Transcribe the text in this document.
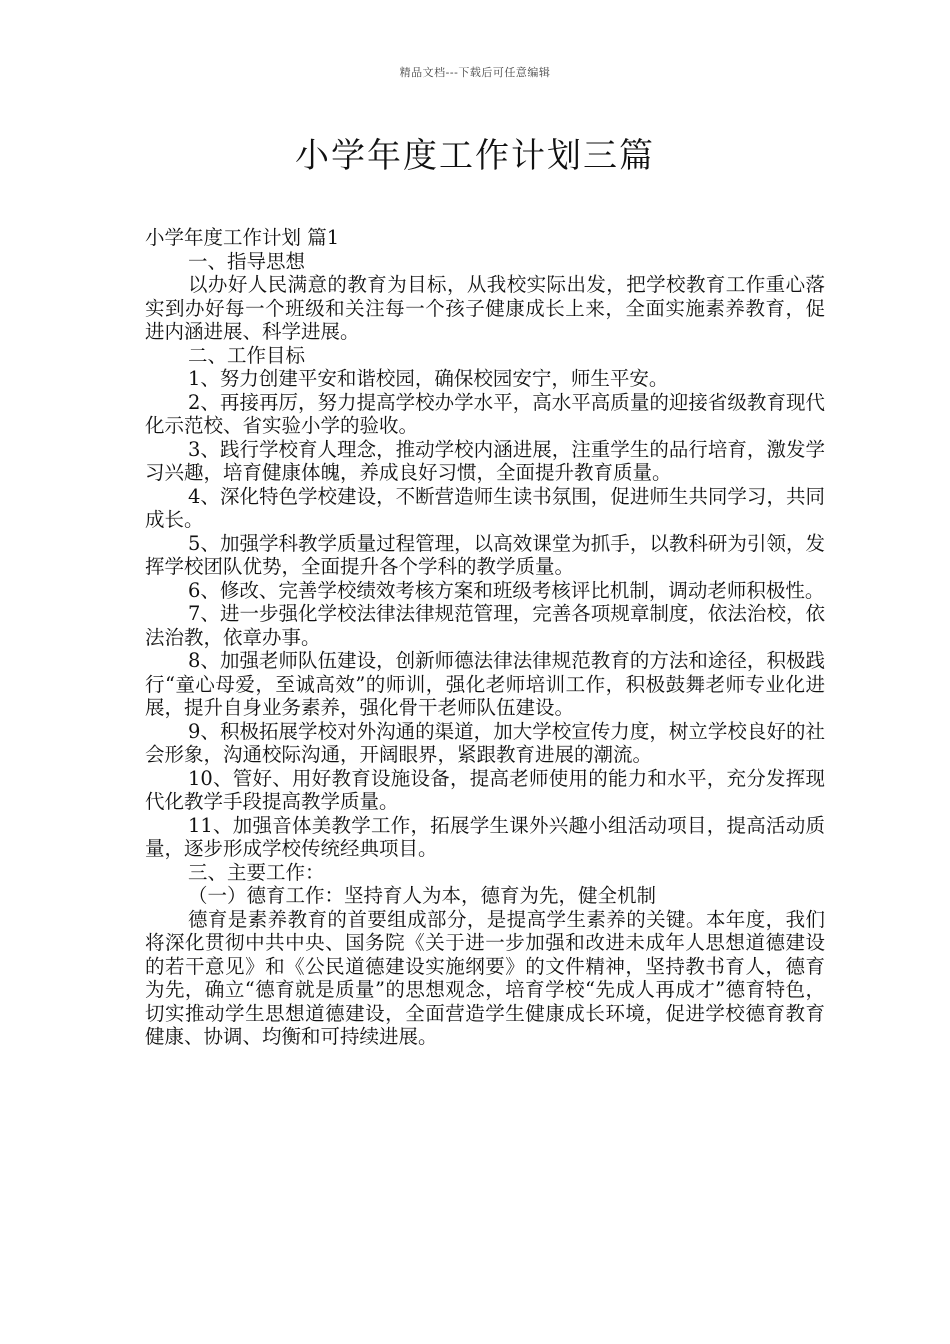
精品文档---下载后可任意编辑
小学年度工作计划三篇

小学年度工作计划 篇1

一、指导思想

以办好人民满意的教育为目标，从我校实际出发，把学校教育工作重心落实到办好每一个班级和关注每一个孩子健康成长上来，全面实施素养教育，促进内涵进展、科学进展。

二、工作目标

1、努力创建平安和谐校园，确保校园安宁，师生平安。

2、再接再厉，努力提高学校办学水平，高水平高质量的迎接省级教育现代化示范校、省实验小学的验收。

3、践行学校育人理念，推动学校内涵进展，注重学生的品行培育，激发学习兴趣，培育健康体魄，养成良好习惯，全面提升教育质量。

4、深化特色学校建设，不断营造师生读书氛围，促进师生共同学习，共同成长。

5、加强学科教学质量过程管理，以高效课堂为抓手，以教科研为引领，发挥学校团队优势，全面提升各个学科的教学质量。

6、修改、完善学校绩效考核方案和班级考核评比机制，调动老师积极性。

7、进一步强化学校法律法律规范管理，完善各项规章制度，依法治校，依法治教，依章办事。

8、加强老师队伍建设，创新师德法律法律规范教育的方法和途径，积极践行“童心母爱，至诚高效”的师训，强化老师培训工作，积极鼓舞老师专业化进展，提升自身业务素养，强化骨干老师队伍建设。

9、积极拓展学校对外沟通的渠道，加大学校宣传力度，树立学校良好的社会形象，沟通校际沟通，开阔眼界，紧跟教育进展的潮流。

10、管好、用好教育设施设备，提高老师使用的能力和水平，充分发挥现代化教学手段提高教学质量。

11、加强音体美教学工作，拓展学生课外兴趣小组活动项目，提高活动质量，逐步形成学校传统经典项目。

三、主要工作：

（一）德育工作：坚持育人为本，德育为先，健全机制

德育是素养教育的首要组成部分，是提高学生素养的关键。本年度，我们将深化贯彻中共中央、国务院《关于进一步加强和改进未成年人思想道德建设的若干意见》和《公民道德建设实施纲要》的文件精神，坚持教书育人，德育为先，确立“德育就是质量”的思想观念，培育学校“先成人再成才”德育特色，切实推动学生思想道德建设，全面营造学生健康成长环境，促进学校德育教育健康、协调、均衡和可持续进展。
